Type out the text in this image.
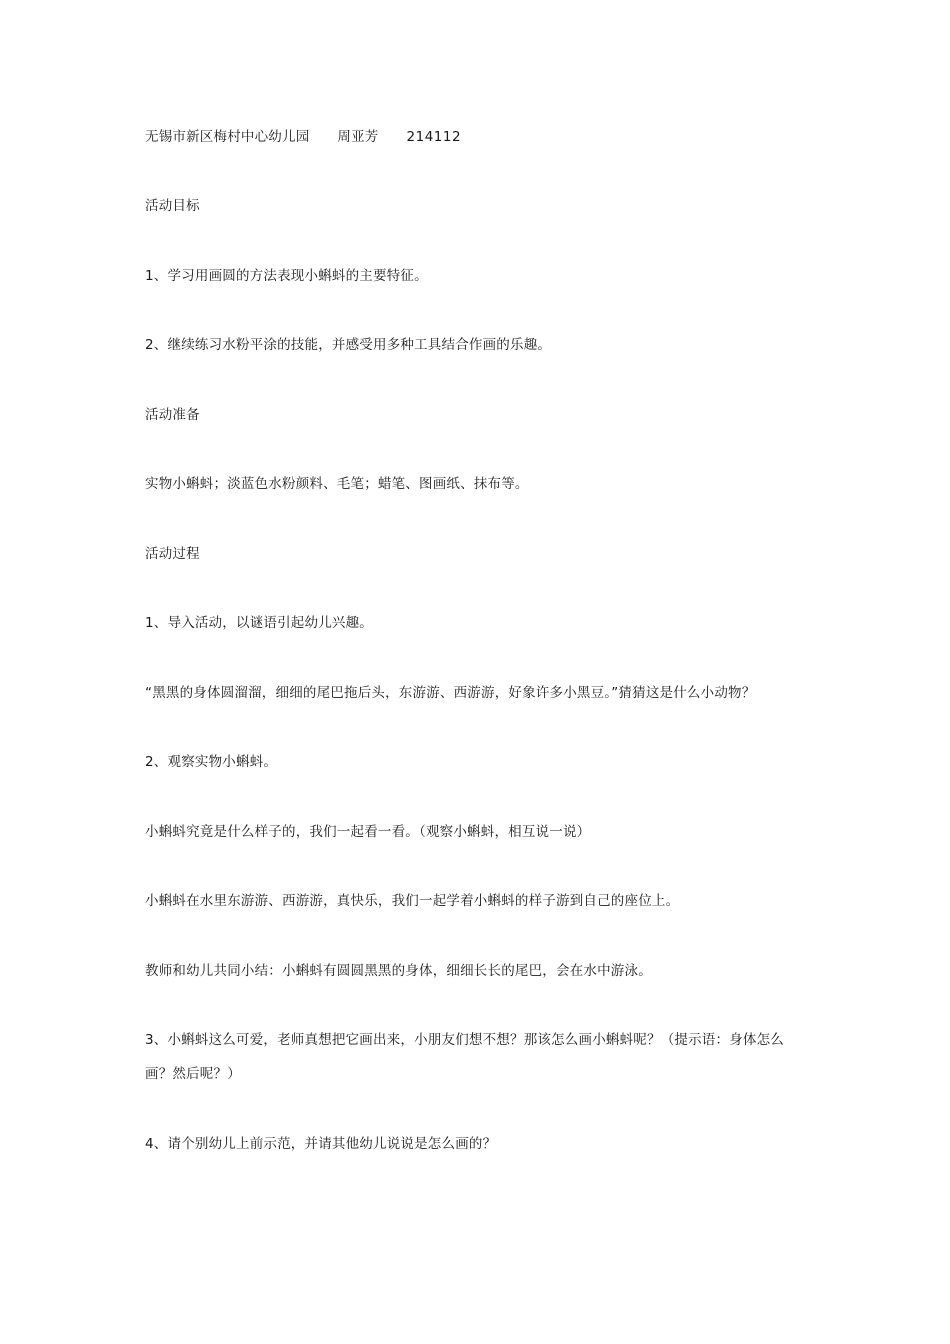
无锡市新区梅村中心幼儿园 周亚芳 214112
活动目标
1、学习用画圆的方法表现小蝌蚪的主要特征。
2、继续练习水粉平涂的技能，并感受用多种工具结合作画的乐趣。
活动准备
实物小蝌蚪；淡蓝色水粉颜料、毛笔；蜡笔、图画纸、抹布等。
活动过程
1、导入活动，以谜语引起幼儿兴趣。
“黑黑的身体圆溜溜，细细的尾巴拖后头，东游游、西游游，好象许多小黑豆。”猜猜这是什么小动物？
2、观察实物小蝌蚪。
小蝌蚪究竟是什么样子的，我们一起看一看。（观察小蝌蚪，相互说一说）
小蝌蚪在水里东游游、西游游，真快乐，我们一起学着小蝌蚪的样子游到自己的座位上。
教师和幼儿共同小结：小蝌蚪有圆圆黑黑的身体，细细长长的尾巴，会在水中游泳。
3、小蝌蚪这么可爱，老师真想把它画出来，小朋友们想不想？那该怎么画小蝌蚪呢？（提示语：身体怎么画？然后呢？）
4、请个别幼儿上前示范，并请其他幼儿说说是怎么画的？
